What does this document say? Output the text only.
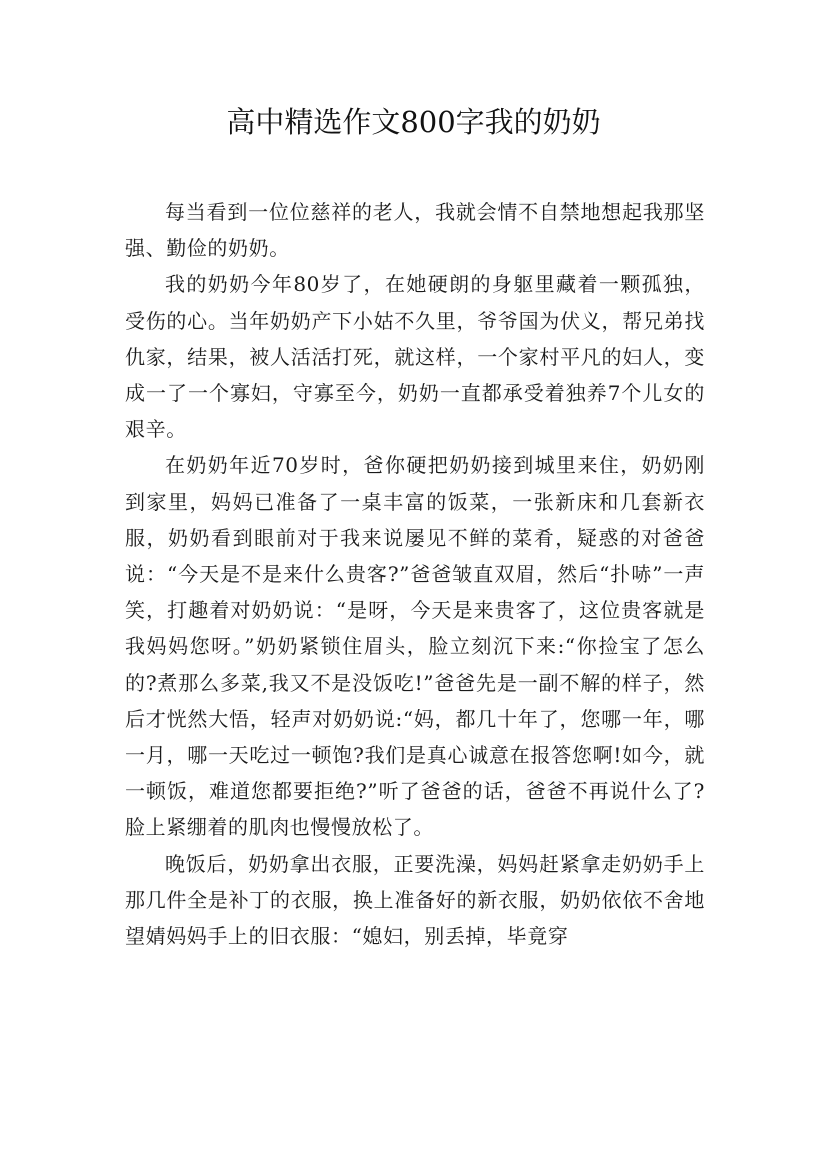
高中精选作文800字我的奶奶

每当看到一位位慈祥的老人，我就会情不自禁地想起我那坚强、勤俭的奶奶。

我的奶奶今年80岁了，在她硬朗的身躯里藏着一颗孤独，受伤的心。当年奶奶产下小姑不久里，爷爷国为伏义，帮兄弟找仇家，结果，被人活活打死，就这样，一个家村平凡的妇人，变成一了一个寡妇，守寡至今，奶奶一直都承受着独养7个儿女的艰辛。

在奶奶年近70岁时，爸你硬把奶奶接到城里来住，奶奶刚到家里，妈妈已准备了一桌丰富的饭菜，一张新床和几套新衣服，奶奶看到眼前对于我来说屡见不鲜的菜肴，疑惑的对爸爸说：“今天是不是来什么贵客?”爸爸皱直双眉，然后“扑哧”一声笑，打趣着对奶奶说：“是呀，今天是来贵客了，这位贵客就是我妈妈您呀。”奶奶紧锁住眉头，脸立刻沉下来:“你捡宝了怎么的?煮那么多菜,我又不是没饭吃!”爸爸先是一副不解的样子，然后才恍然大悟，轻声对奶奶说:“妈，都几十年了，您哪一年，哪一月，哪一天吃过一顿饱?我们是真心诚意在报答您啊!如今，就一顿饭，难道您都要拒绝?”听了爸爸的话，爸爸不再说什么了?脸上紧绷着的肌肉也慢慢放松了。

晚饭后，奶奶拿出衣服，正要洗澡，妈妈赶紧拿走奶奶手上那几件全是补丁的衣服，换上准备好的新衣服，奶奶依依不舍地望婧妈妈手上的旧衣服：“媳妇，别丢掉，毕竟穿
